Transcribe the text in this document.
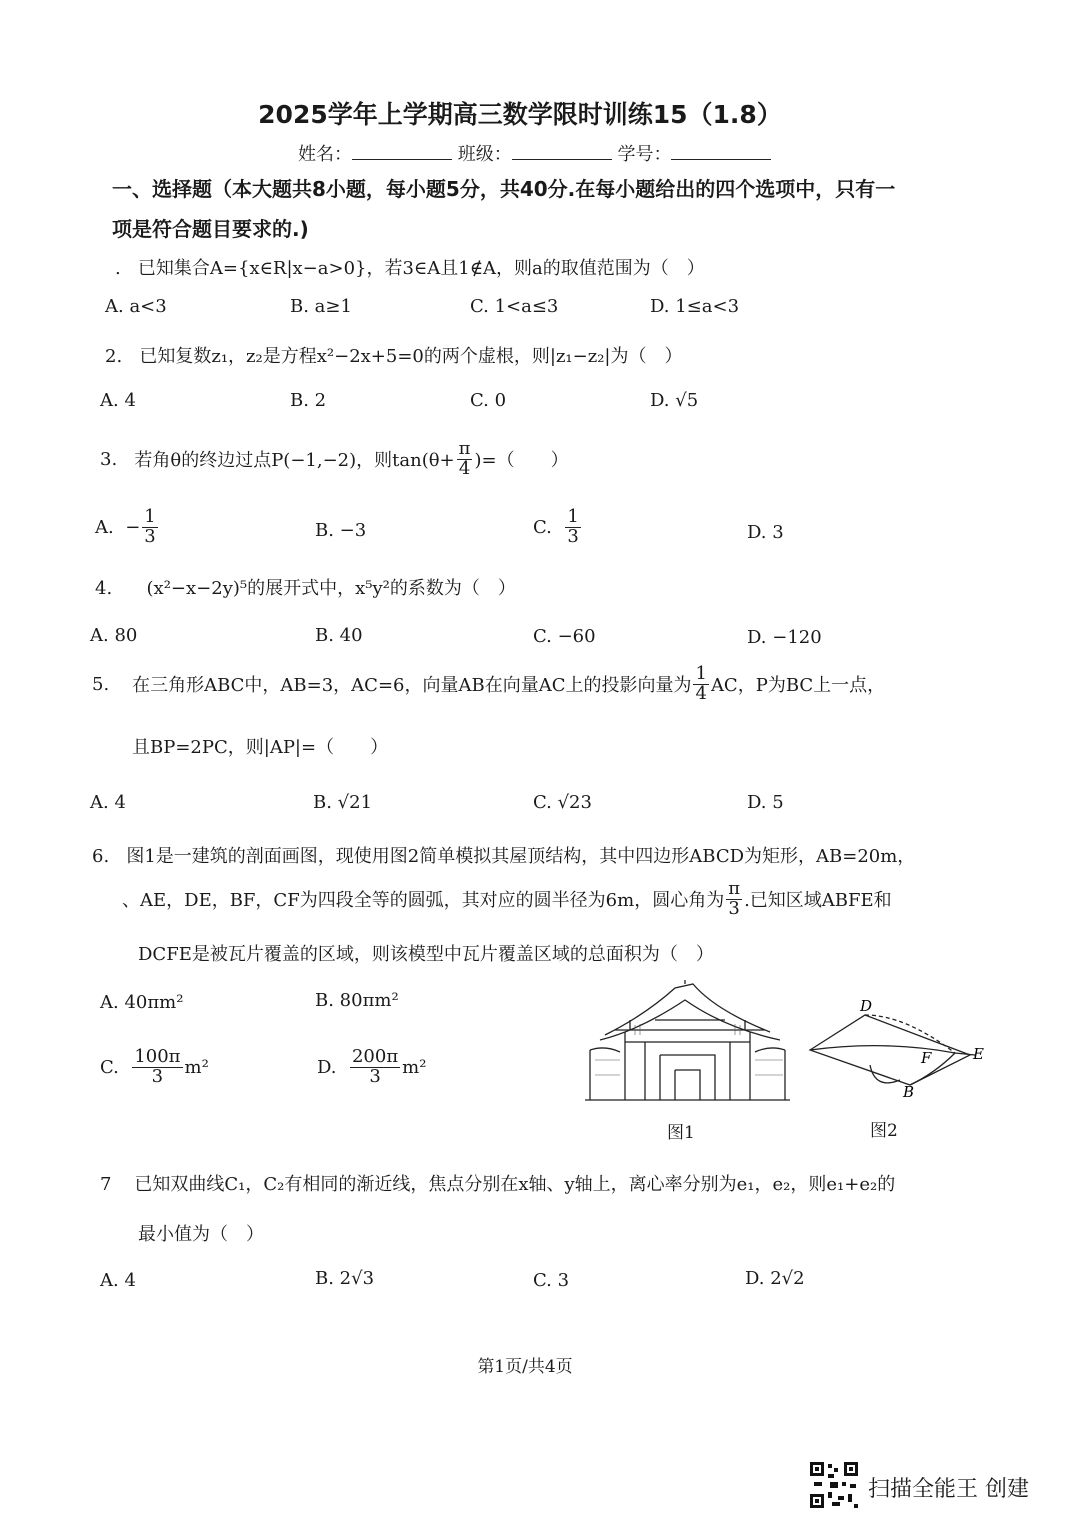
2025学年上学期高三数学限时训练15（1.8）
姓名：	班级：	学号：
一、选择题（本大题共8小题，每小题5分，共40分.在每小题给出的四个选项中，只有一
项是符合题目要求的.)
. 已知集合A={x∈R|x−a>0}，若3∈A且1∉A，则a的取值范围为（　）
A. a<3	B. a≥1	C. 1<a≤3	D. 1≤a<3
2. 已知复数z₁，z₂是方程x²−2x+5=0的两个虚根，则|z₁−z₂|为（　）
A. 4	B. 2	C. 0	D. √5
3.
若角θ的终边过点P(−1,−2)，则$\tan(\theta+ \frac{\pi}{4}$ )=（　　）
A.
− $\frac{1}{3}$	B. −3	C.
$\frac{1}{3}$	D. 3
4. (x²−x−2y)⁵的展开式中，x⁵y²的系数为（　）
A. 80	B. 40	C. −60	D. −120
5.
在三角形ABC中，AB=3，AC=6，向量AB在向量AC上的投影向量为 $\frac{1}{4}$ AC，P为BC上一点，
且BP=2PC，则|AP|=（　　）
A. 4	B. √21	C. √23	D. 5
6. 图1是一建筑的剖面画图，现使用图2简单模拟其屋顶结构，其中四边形ABCD为矩形，AB=20m，
、AE，DE，BF，CF为四段全等的圆弧，其对应的圆半径为6m，圆心角为 $\frac{\pi}{3}$ .已知区域ABFE和
DCFE是被瓦片覆盖的区域，则该模型中瓦片覆盖区域的总面积为（　）
A. 40πm²	B. 80πm²
C.
$\frac{100\pi}{3} m^2$	D.
$\frac{200\pi}{3} m^2$
图1
D
E
F
B
图2
7 已知双曲线C₁，C₂有相同的渐近线，焦点分别在x轴、y轴上，离心率分别为e₁，e₂，则e₁+e₂的
最小值为（　）
A. 4	B. 2√3	C. 3	D. 2√2
第1页/共4页
扫描全能王 创建
